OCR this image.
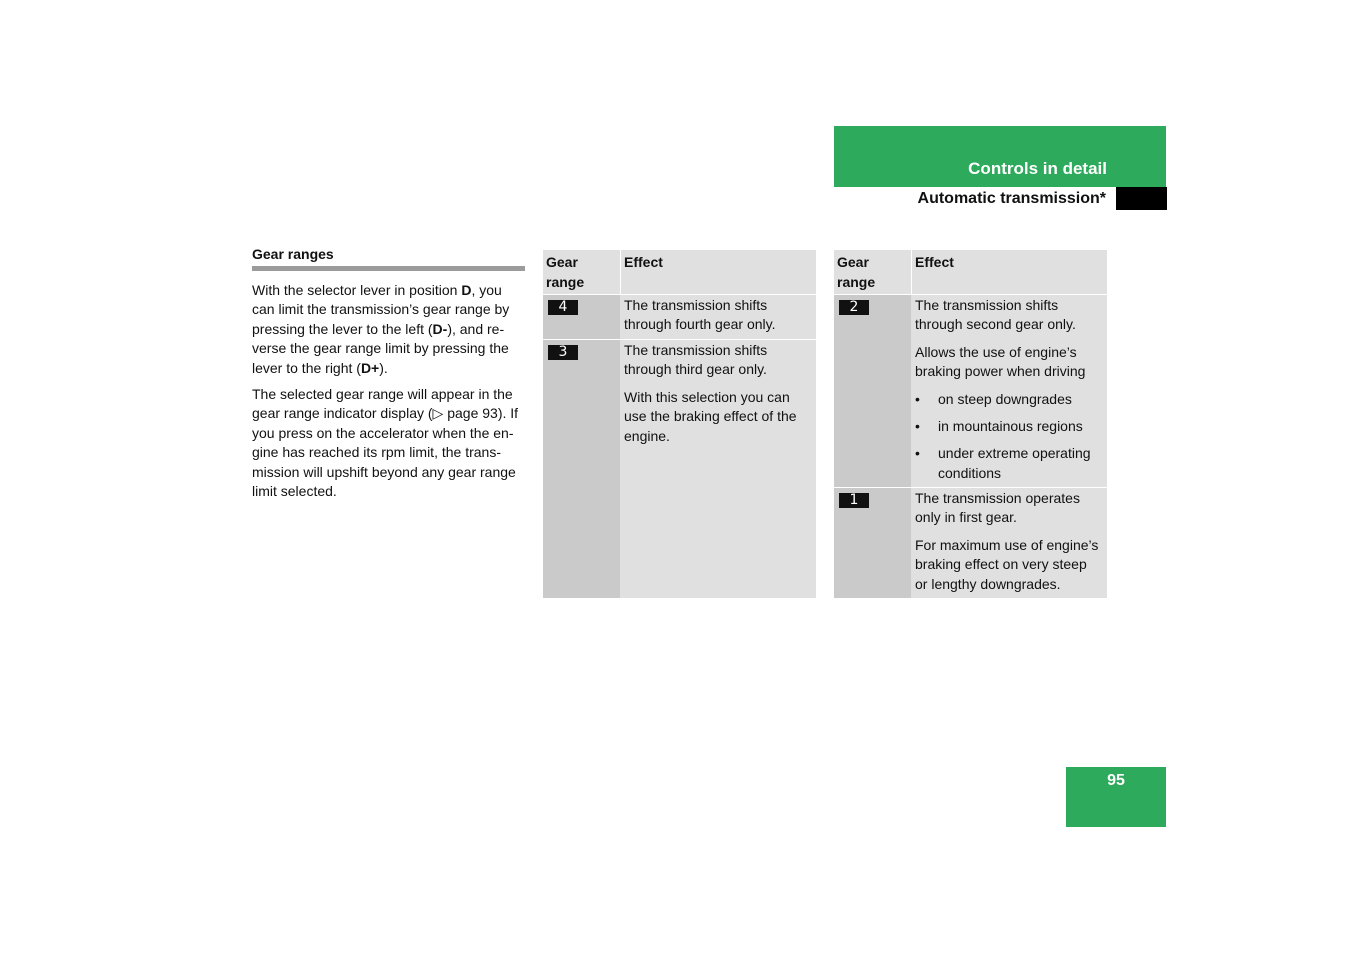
Controls in detail
Automatic transmission*
Gear ranges

With the selector lever in position D, you can limit the transmission’s gear range by pressing the lever to the left (D-), and re-verse the gear range limit by pressing the lever to the right (D+).

The selected gear range will appear in the gear range indicator display (▷ page 93). If you press on the accelerator when the en-gine has reached its rpm limit, the trans-mission will upshift beyond any gear range limit selected.

Gear range
Effect
4	The transmission shifts through fourth gear only.

3	The transmission shifts through third gear only.

With this selection you can use the braking effect of the engine.

Gear range
Effect
2	The transmission shifts through second gear only.

Allows the use of engine’s braking power when driving

• on steep downgrades
• in mountainous regions
• under extreme operating conditions
1	The transmission operates only in first gear.

For maximum use of engine’s braking effect on very steep or lengthy downgrades.

95
